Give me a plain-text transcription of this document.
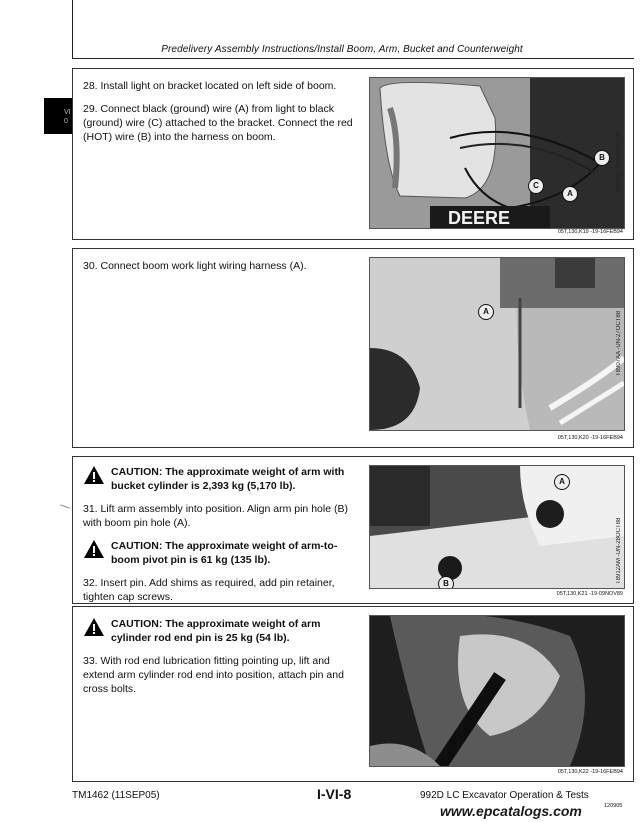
Predelivery Assembly Instructions/Install Boom, Arm, Bucket and Counterweight
VI
0

28. Install light on bracket located on left side of boom.

29. Connect black (ground) wire (A) from light to black (ground) wire (C) attached to the bracket. Connect the red (HOT) wire (B) into the harness on boom.

DEERE
B
C
A	T8912AH -UN-28OCT88
05T,130,K19 -19-16FEB94

30. Connect boom work light wiring harness (A).

A	T8907AA -UN-27OCT88
05T,130,K20 -19-16FEB94
CAUTION: The approximate weight of arm with bucket cylinder is 2,393 kg (5,170 lb).

31. Lift arm assembly into position. Align arm pin hole (B) with boom pin hole (A).

CAUTION: The approximate weight of arm-to-boom pivot pin is 61 kg (135 lb).

32. Insert pin. Add shims as required, add pin retainer, tighten cap screws.

A
B	T8912AM -UN-28OCT88
05T,130,K21 -19-09NOV89
CAUTION: The approximate weight of arm cylinder rod end pin is 25 kg (54 lb).

33. With rod end lubrication fitting pointing up, lift and extend arm cylinder rod end into position, attach pin and cross bolts.	T8912AN -UN-28OCT88
05T,130,K22 -19-16FEB94
TM1462 (11SEP05)	I-VI-8	992D LC Excavator Operation & Tests
120905
www.epcatalogs.com
